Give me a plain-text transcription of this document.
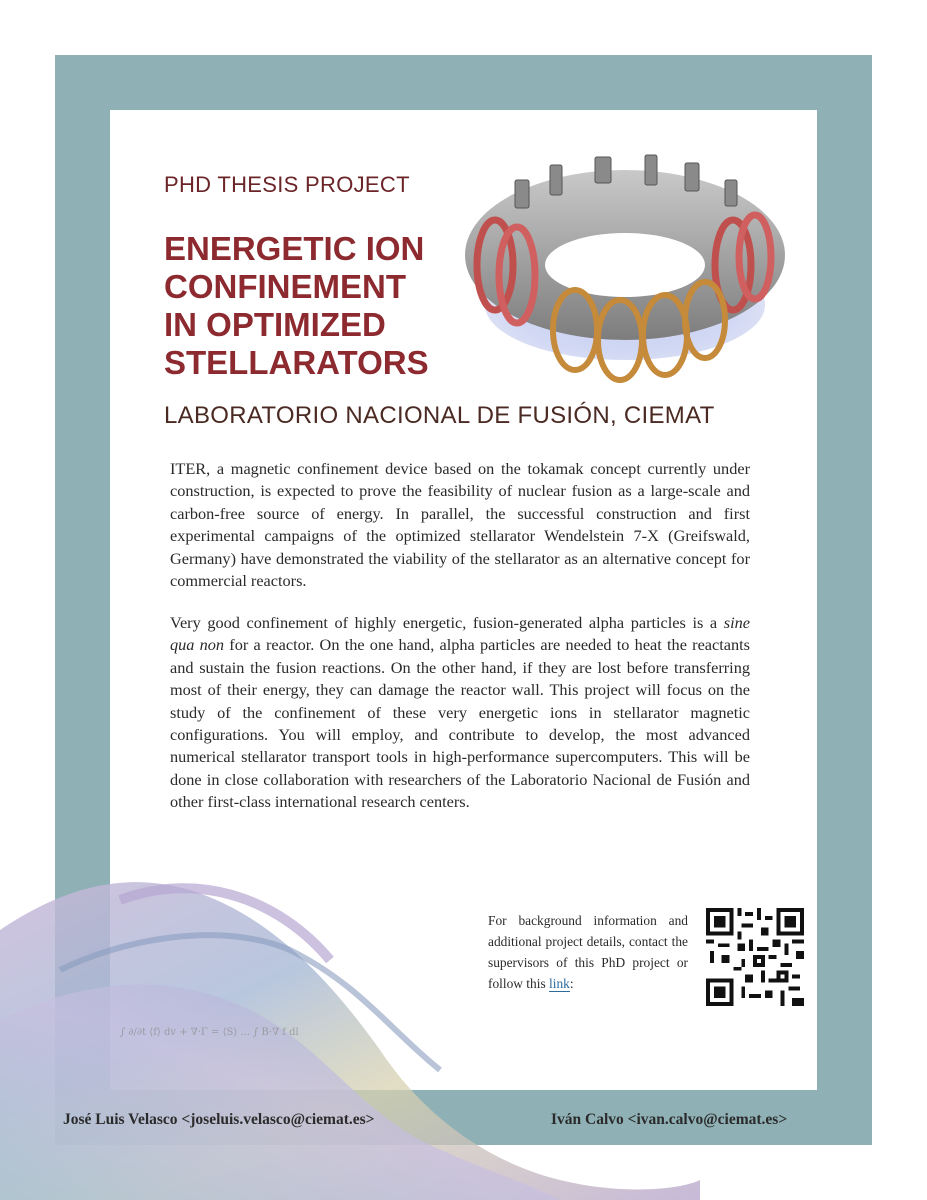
∫ ∂/∂t ⟨f⟩ dv + ∇·Γ = ⟨S⟩ ... ∫ B·∇ f dl
PHD THESIS PROJECT
ENERGETIC ION
CONFINEMENT
IN OPTIMIZED
STELLARATORS
LABORATORIO NACIONAL DE FUSIÓN, CIEMAT

ITER, a magnetic confinement device based on the tokamak concept currently under construction, is expected to prove the feasibility of nuclear fusion as a large-scale and carbon-free source of energy. In parallel, the successful construction and first experimental campaigns of the optimized stellarator Wendelstein 7-X (Greifswald, Germany) have demonstrated the viability of the stellarator as an alternative concept for commercial reactors.

Very good confinement of highly energetic, fusion-generated alpha particles is a sine qua non for a reactor. On the one hand, alpha particles are needed to heat the reactants and sustain the fusion reactions. On the other hand, if they are lost before transferring most of their energy, they can damage the reactor wall. This project will focus on the study of the confinement of these very energetic ions in stellarator magnetic configurations. You will employ, and contribute to develop, the most advanced numerical stellarator transport tools in high-performance supercomputers. This will be done in close collaboration with researchers of the Laboratorio Nacional de Fusión and other first-class international research centers.

For background information and additional project details, contact the supervisors of this PhD project or follow this link:

José Luis Velasco <joseluis.velasco@ciemat.es>	Iván Calvo <ivan.calvo@ciemat.es>
